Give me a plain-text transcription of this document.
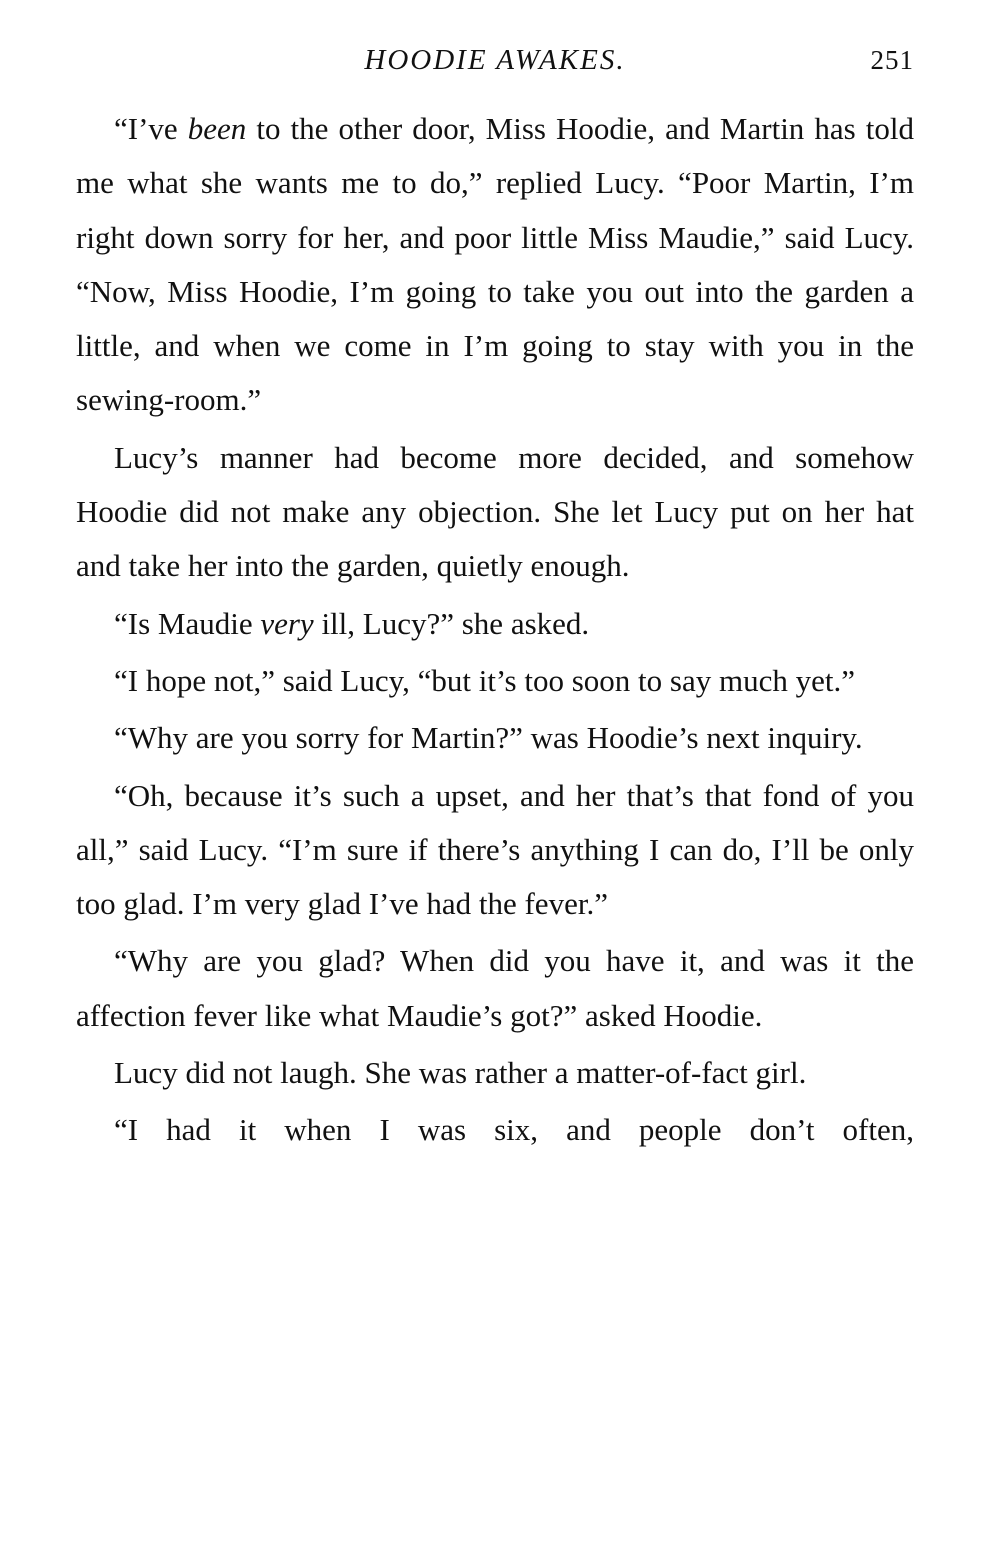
HOODIE AWAKES.	251

“I’ve been to the other door, Miss Hoodie, and Martin has told me what she wants me to do,” replied Lucy. “Poor Martin, I’m right down sorry for her, and poor little Miss Maudie,” said Lucy. “Now, Miss Hoodie, I’m going to take you out into the garden a little, and when we come in I’m going to stay with you in the sewing-room.”

Lucy’s manner had become more decided, and somehow Hoodie did not make any objection. She let Lucy put on her hat and take her into the garden, quietly enough.

“Is Maudie very ill, Lucy?” she asked.

“I hope not,” said Lucy, “but it’s too soon to say much yet.”

“Why are you sorry for Martin?” was Hoodie’s next inquiry.

“Oh, because it’s such a upset, and her that’s that fond of you all,” said Lucy. “I’m sure if there’s anything I can do, I’ll be only too glad. I’m very glad I’ve had the fever.”

“Why are you glad? When did you have it, and was it the affection fever like what Maudie’s got?” asked Hoodie.

Lucy did not laugh. She was rather a matter-of-fact girl.

“I had it when I was six, and people don’t often,
